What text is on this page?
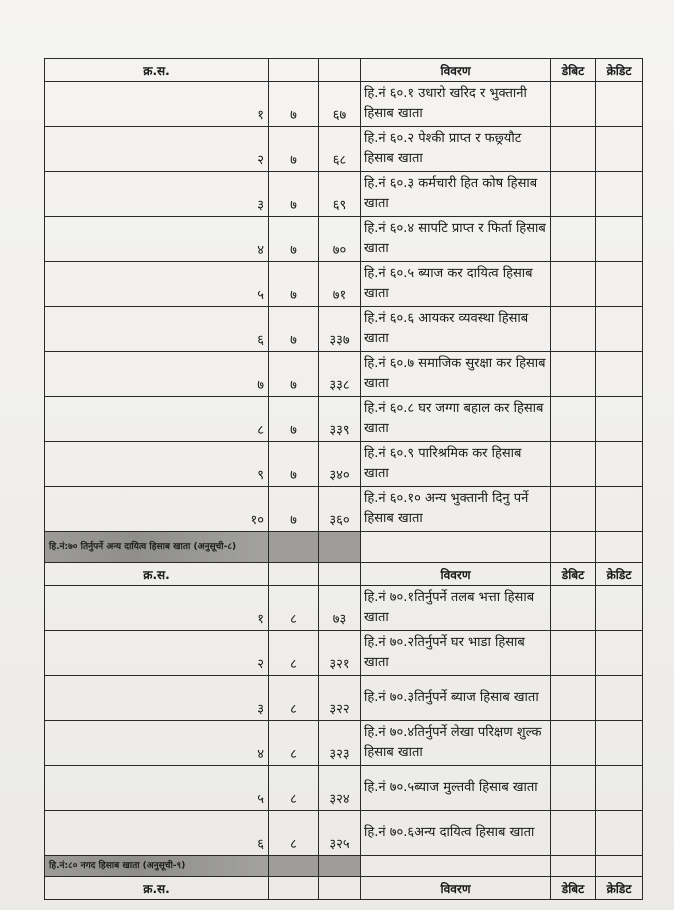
क्र.स.			विवरण	डेबिट	क्रेडिट
१	७	६७	हि.नं ६०.१ उधारो खरिद र भुक्तानी हिसाब खाता		
२	७	६८	हि.नं ६०.२ पेश्की प्राप्त र फछ्र्यौट हिसाब खाता		
३	७	६९	हि.नं ६०.३ कर्मचारी हित कोष हिसाब खाता		
४	७	७०	हि.नं ६०.४ सापटि प्राप्त र फिर्ता हिसाब खाता		
५	७	७१	हि.नं ६०.५ ब्याज कर दायित्व हिसाब खाता		
६	७	३३७	हि.नं ६०.६ आयकर व्यवस्था हिसाब खाता		
७	७	३३८	हि.नं ६०.७ समाजिक सुरक्षा कर हिसाब खाता		
८	७	३३९	हि.नं ६०.८ घर जग्गा बहाल कर हिसाब खाता		
९	७	३४०	हि.नं ६०.९ पारिश्रमिक कर हिसाब खाता		
१०	७	३६०	हि.नं ६०.१० अन्य भुक्तानी दिनु पर्ने हिसाब खाता		
हि.नं:७० तिर्नुपर्ने अन्य दायित्व हिसाब खाता (अनुसूची-८)					
क्र.स.			विवरण	डेबिट	क्रेडिट
१	८	७३	हि.नं ७०.१तिर्नुपर्ने तलब भत्ता हिसाब खाता		
२	८	३२१	हि.नं ७०.२तिर्नुपर्ने घर भाडा हिसाब खाता		
३	८	३२२	हि.नं ७०.३तिर्नुपर्ने ब्याज हिसाब खाता		
४	८	३२३	हि.नं ७०.४तिर्नुपर्ने लेखा परिक्षण शुल्क हिसाब खाता		
५	८	३२४	हि.नं ७०.५ब्याज मुल्तवी हिसाब खाता		
६	८	३२५	हि.नं ७०.६अन्य दायित्व हिसाब खाता		
हि.नं:८० नगद हिसाब खाता (अनुसूची-९)					
क्र.स.			विवरण	डेबिट	क्रेडिट
